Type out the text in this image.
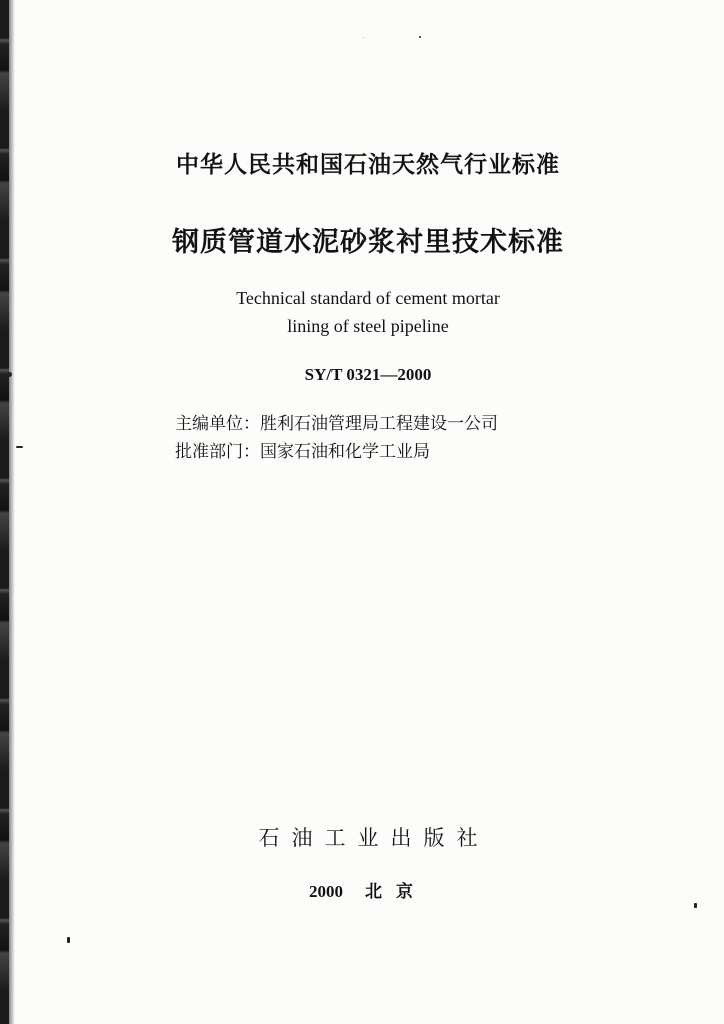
中华人民共和国石油天然气行业标准
钢质管道水泥砂浆衬里技术标准
Technical standard of cement mortar
lining of steel pipeline
SY/T 0321—2000
主编单位：胜利石油管理局工程建设一公司
批准部门：国家石油和化学工业局
石油工业出版社
2000 北京
